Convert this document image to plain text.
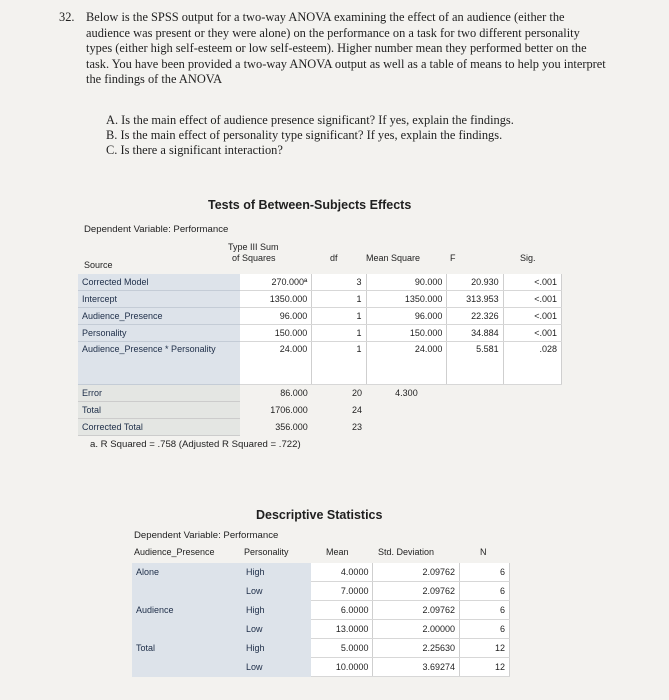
32. Below is the SPSS output for a two-way ANOVA examining the effect of an audience (either the audience was present or they were alone) on the performance on a task for two different personality types (either high self-esteem or low self-esteem). Higher number mean they performed better on the task. You have been provided a two-way ANOVA output as well as a table of means to help you interpret the findings of the ANOVA
A. Is the main effect of audience presence significant? If yes, explain the findings.
B. Is the main effect of personality type significant? If yes, explain the findings.
C. Is there a significant interaction?
Tests of Between-Subjects Effects
Dependent Variable: Performance
Source
Type III Sum
of Squares	df	Mean Square	F	Sig.
Corrected Model	270.000ª	3	90.000	20.930	<.001
Intercept	1350.000	1	1350.000	313.953	<.001
Audience_Presence	96.000	1	96.000	22.326	<.001
Personality	150.000	1	150.000	34.884	<.001
Audience_Presence * Personality	24.000	1	24.000	5.581	.028
Error	86.000	20	4.300		
Total	1706.000	24			
Corrected Total	356.000	23			
a. R Squared = .758 (Adjusted R Squared = .722)
Descriptive Statistics
Dependent Variable: Performance
Audience_Presence	Personality	Mean	Std. Deviation	N
Alone	High	4.0000	2.09762	6
	Low	7.0000	2.09762	6
Audience	High	6.0000	2.09762	6
	Low	13.0000	2.00000	6
Total	High	5.0000	2.25630	12
	Low	10.0000	3.69274	12
